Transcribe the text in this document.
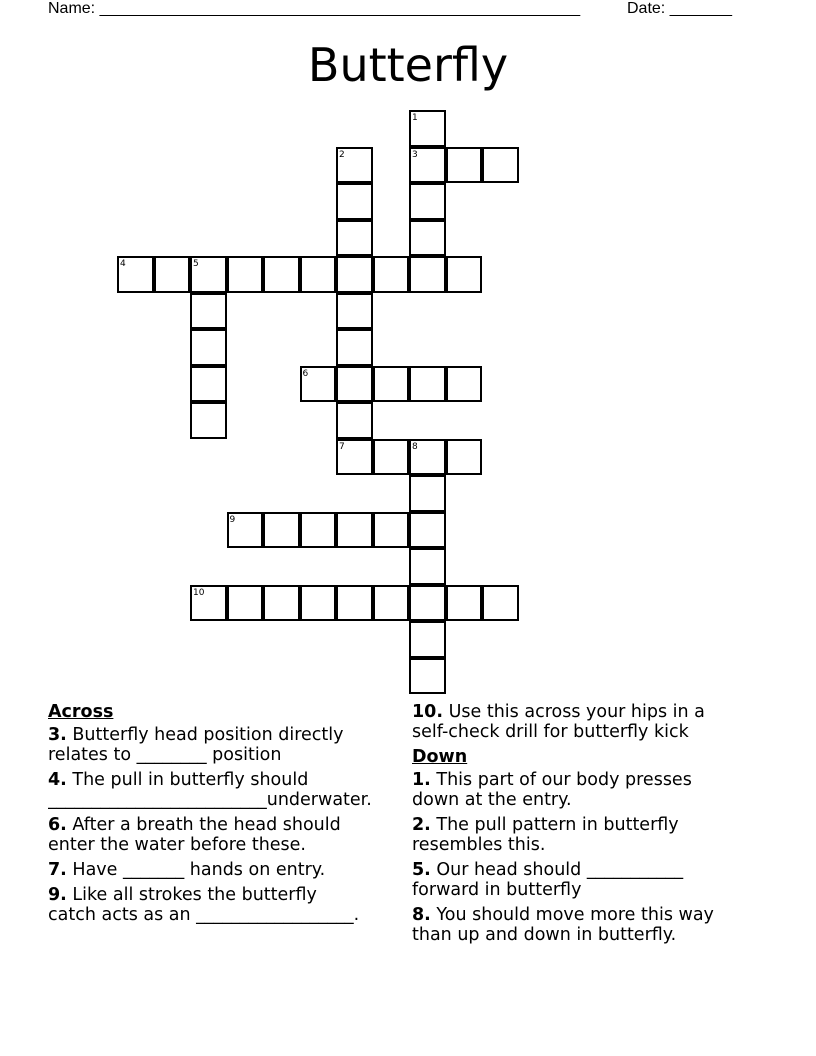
Name: ______________________________________________________	Date: _______
Butterfly
1
2	3
4	5
6
7	8
9
10
Across
3. Butterfly head position directly
relates to ________ position
4. The pull in butterfly should
_________________________underwater.
6. After a breath the head should
enter the water before these.
7. Have _______ hands on entry.
9. Like all strokes the butterfly
catch acts as an __________________.
10. Use this across your hips in a
self-check drill for butterfly kick
Down
1. This part of our body presses
down at the entry.
2. The pull pattern in butterfly
resembles this.
5. Our head should ___________
forward in butterfly
8. You should move more this way
than up and down in butterfly.
